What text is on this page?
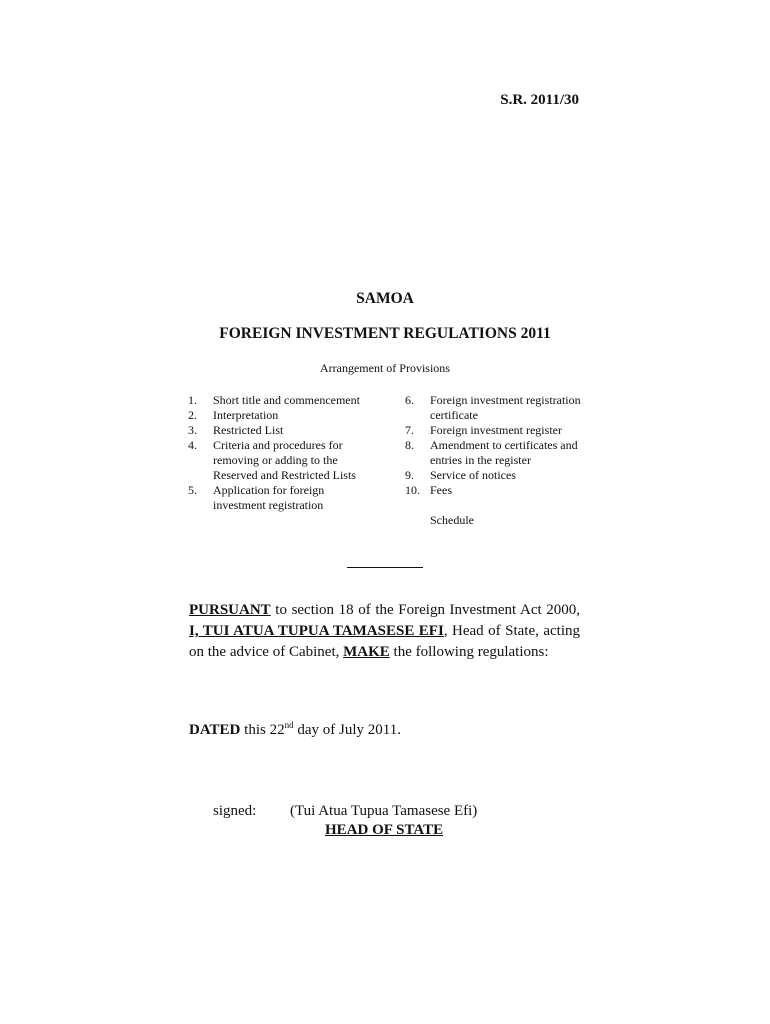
S.R. 2011/30
SAMOA
FOREIGN INVESTMENT REGULATIONS 2011
Arrangement of Provisions
1.	Short title and commencement
2.	Interpretation
3.	Restricted List
4.	Criteria and procedures for removing or adding to the Reserved and Restricted Lists
5.	Application for foreign investment registration
6.	Foreign investment registration certificate
7.	Foreign investment register
8.	Amendment to certificates and entries in the register
9.	Service of notices
10. Fees
Schedule
PURSUANT to section 18 of the Foreign Investment Act 2000, I, TUI ATUA TUPUA TAMASESE EFI, Head of State, acting on the advice of Cabinet, MAKE the following regulations:
DATED this 22nd day of July 2011.
signed: (Tui Atua Tupua Tamasese Efi)
HEAD OF STATE
